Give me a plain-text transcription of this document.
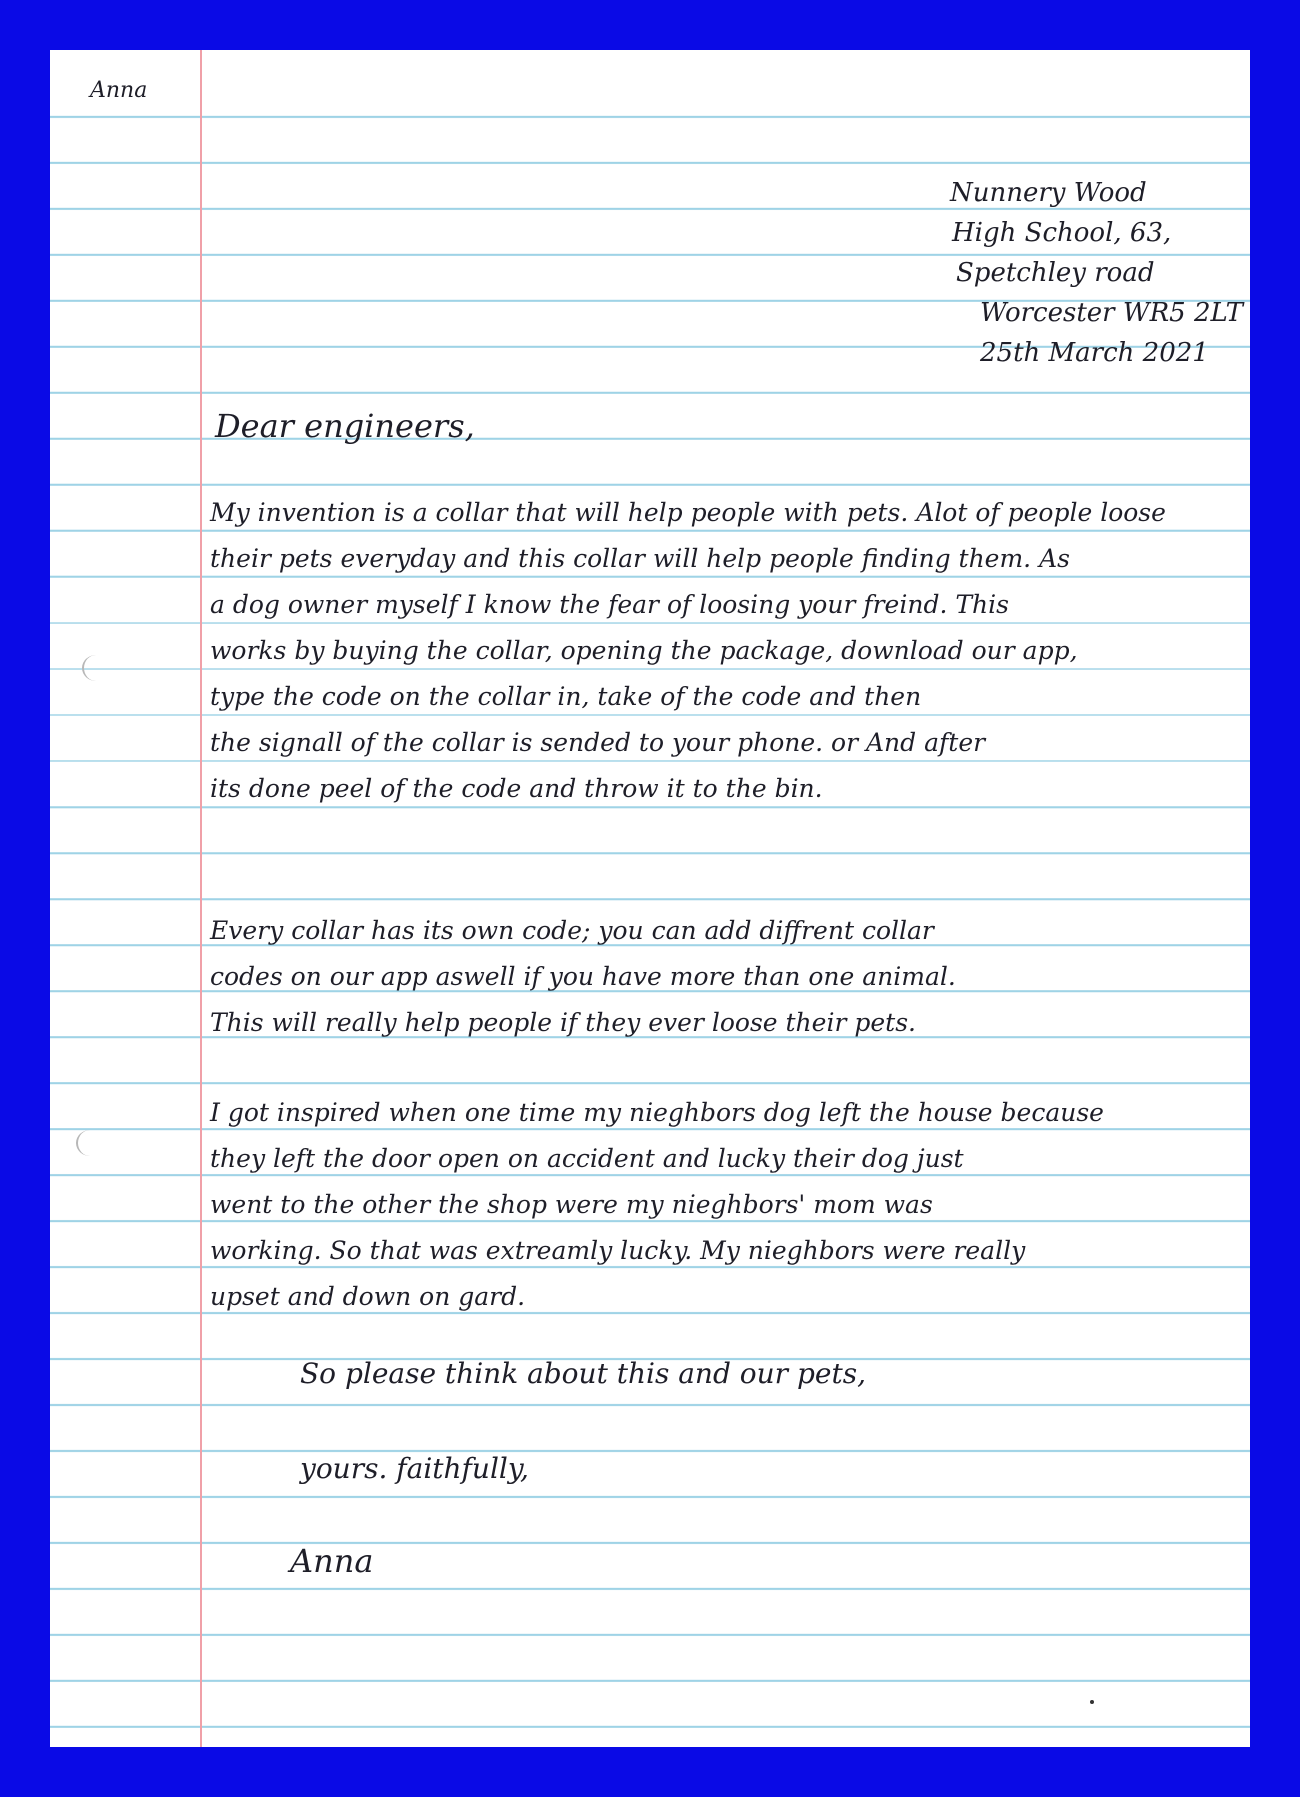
Anna
Nunnery Wood
High School, 63,
Spetchley road
Worcester WR5 2LT
25th March 2021
Dear engineers,
My invention is a collar that will help people with pets. Alot of people loose
their pets everyday and this collar will help people finding them. As
a dog owner myself I know the fear of loosing your freind. This
works by buying the collar, opening the package, download our app,
type the code on the collar in, take of the code and then
the signall of the collar is sended to your phone. or And after
its done peel of the code and throw it to the bin.
Every collar has its own code; you can add diffrent collar
codes on our app aswell if you have more than one animal.
This will really help people if they ever loose their pets.
I got inspired when one time my nieghbors dog left the house because
they left the door open on accident and lucky their dog just
went to the other the shop were my nieghbors' mom was
working. So that was extreamly lucky. My nieghbors were really
upset and down on gard.
So please think about this and our pets,
yours. faithfully,
Anna
